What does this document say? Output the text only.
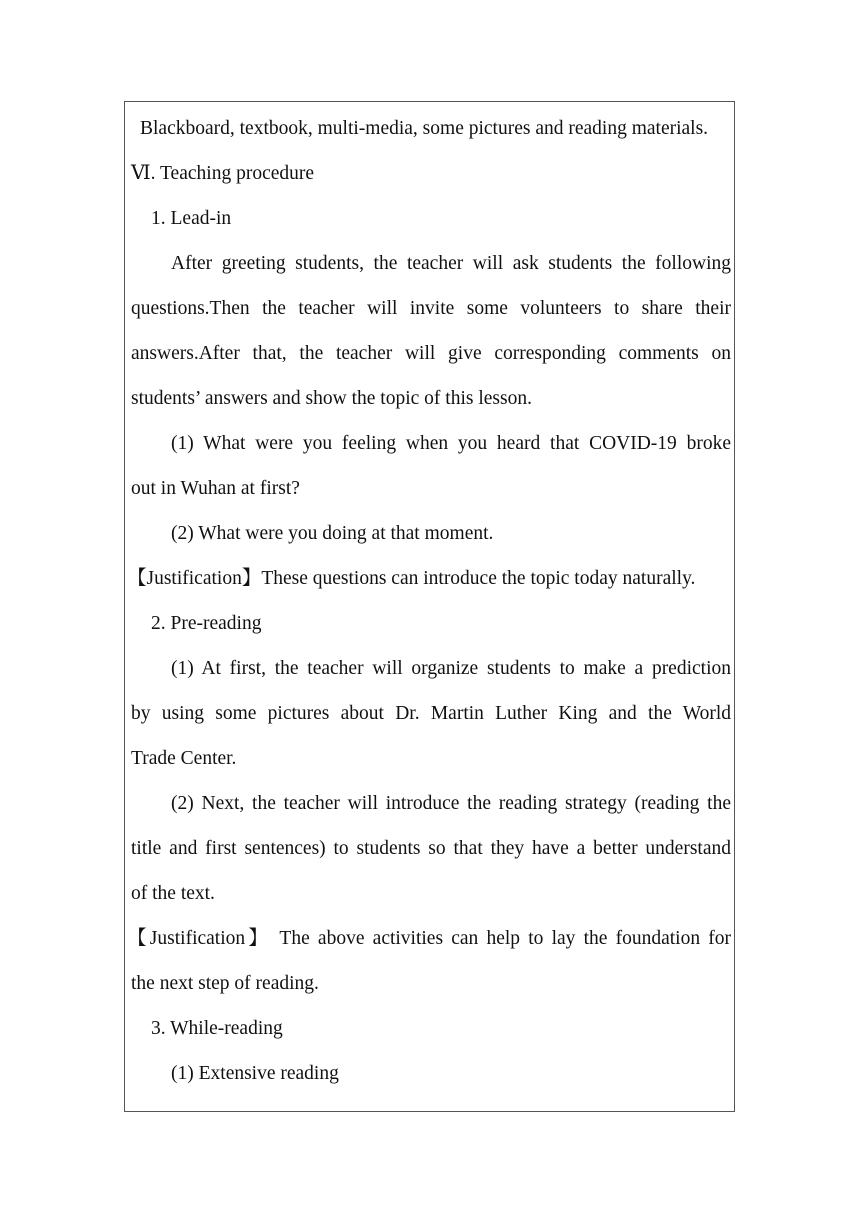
Blackboard, textbook, multi-media, some pictures and reading materials.
Ⅵ. Teaching procedure
1. Lead-in
After greeting students, the teacher will ask students the following
questions.Then the teacher will invite some volunteers to share their
answers.After that, the teacher will give corresponding comments on
students’ answers and show the topic of this lesson.
(1) What were you feeling when you heard that COVID-19 broke
out in Wuhan at first?
(2) What were you doing at that moment.
【Justification】These questions can introduce the topic today naturally.
2. Pre-reading
(1) At first, the teacher will organize students to make a prediction
by using some pictures about Dr. Martin Luther King and the World
Trade Center.
(2) Next, the teacher will introduce the reading strategy (reading the
title and first sentences) to students so that they have a better understand
of the text.
【Justification】 The above activities can help to lay the foundation for
the next step of reading.
3. While-reading
(1) Extensive reading
